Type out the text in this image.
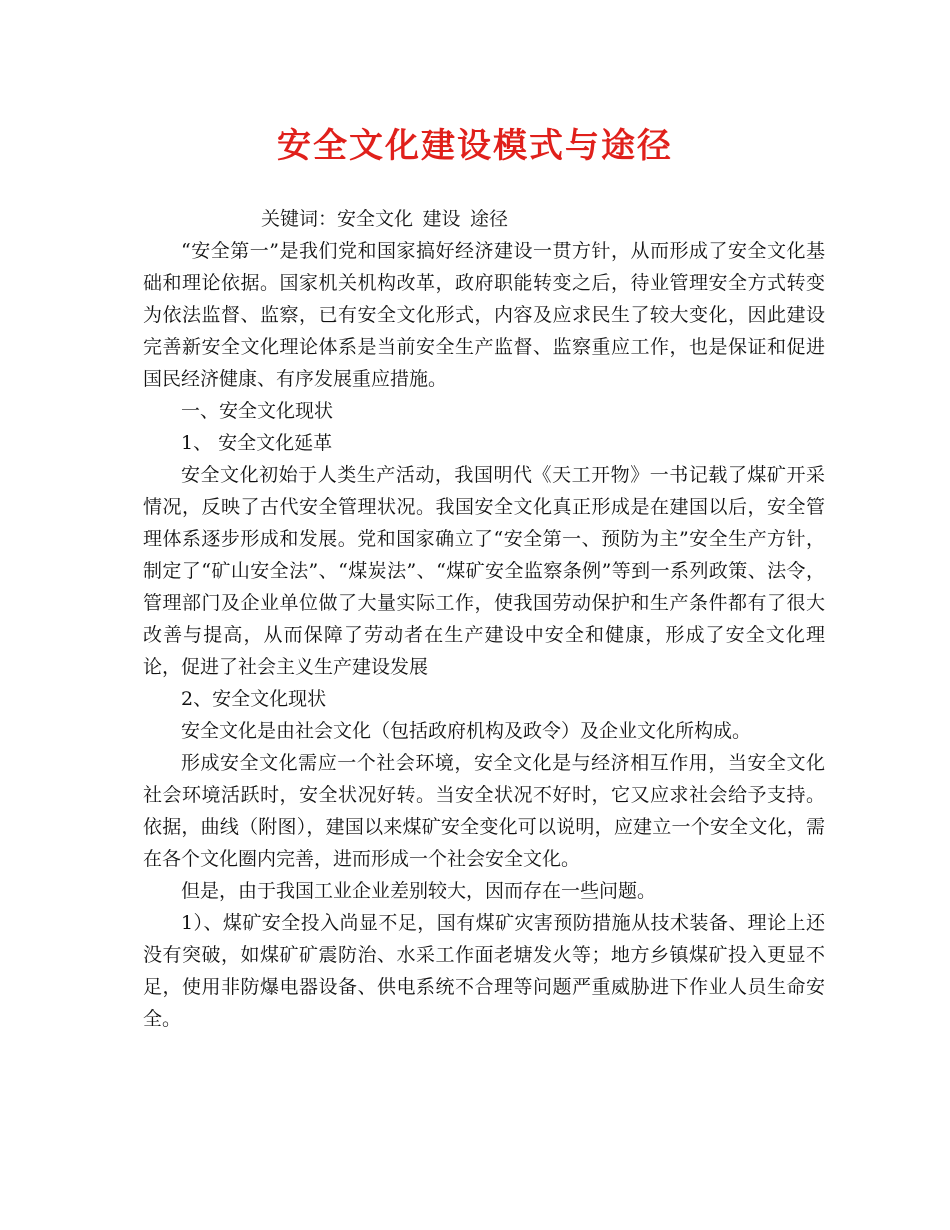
安全文化建设模式与途径

关键词：安全文化 建设 途径

“安全第一”是我们党和国家搞好经济建设一贯方针，从而形成了安全文化基础和理论依据。国家机关机构改革，政府职能转变之后，待业管理安全方式转变为依法监督、监察，已有安全文化形式，内容及应求民生了较大变化，因此建设完善新安全文化理论体系是当前安全生产监督、监察重应工作，也是保证和促进国民经济健康、有序发展重应措施。

一、安全文化现状

1、 安全文化延革

安全文化初始于人类生产活动，我国明代《天工开物》一书记载了煤矿开采情况，反映了古代安全管理状况。我国安全文化真正形成是在建国以后，安全管理体系逐步形成和发展。党和国家确立了“安全第一、预防为主”安全生产方针，制定了“矿山安全法”、“煤炭法”、“煤矿安全监察条例”等到一系列政策、法令，管理部门及企业单位做了大量实际工作，使我国劳动保护和生产条件都有了很大改善与提高，从而保障了劳动者在生产建设中安全和健康，形成了安全文化理论，促进了社会主义生产建设发展

2、安全文化现状

安全文化是由社会文化（包括政府机构及政令）及企业文化所构成。

形成安全文化需应一个社会环境，安全文化是与经济相互作用，当安全文化社会环境活跃时，安全状况好转。当安全状况不好时，它又应求社会给予支持。依据，曲线（附图），建国以来煤矿安全变化可以说明，应建立一个安全文化，需在各个文化圈内完善，进而形成一个社会安全文化。

但是，由于我国工业企业差别较大，因而存在一些问题。

1）、煤矿安全投入尚显不足，国有煤矿灾害预防措施从技术装备、理论上还没有突破，如煤矿矿震防治、水采工作面老塘发火等；地方乡镇煤矿投入更显不足，使用非防爆电器设备、供电系统不合理等问题严重威胁进下作业人员生命安全。
